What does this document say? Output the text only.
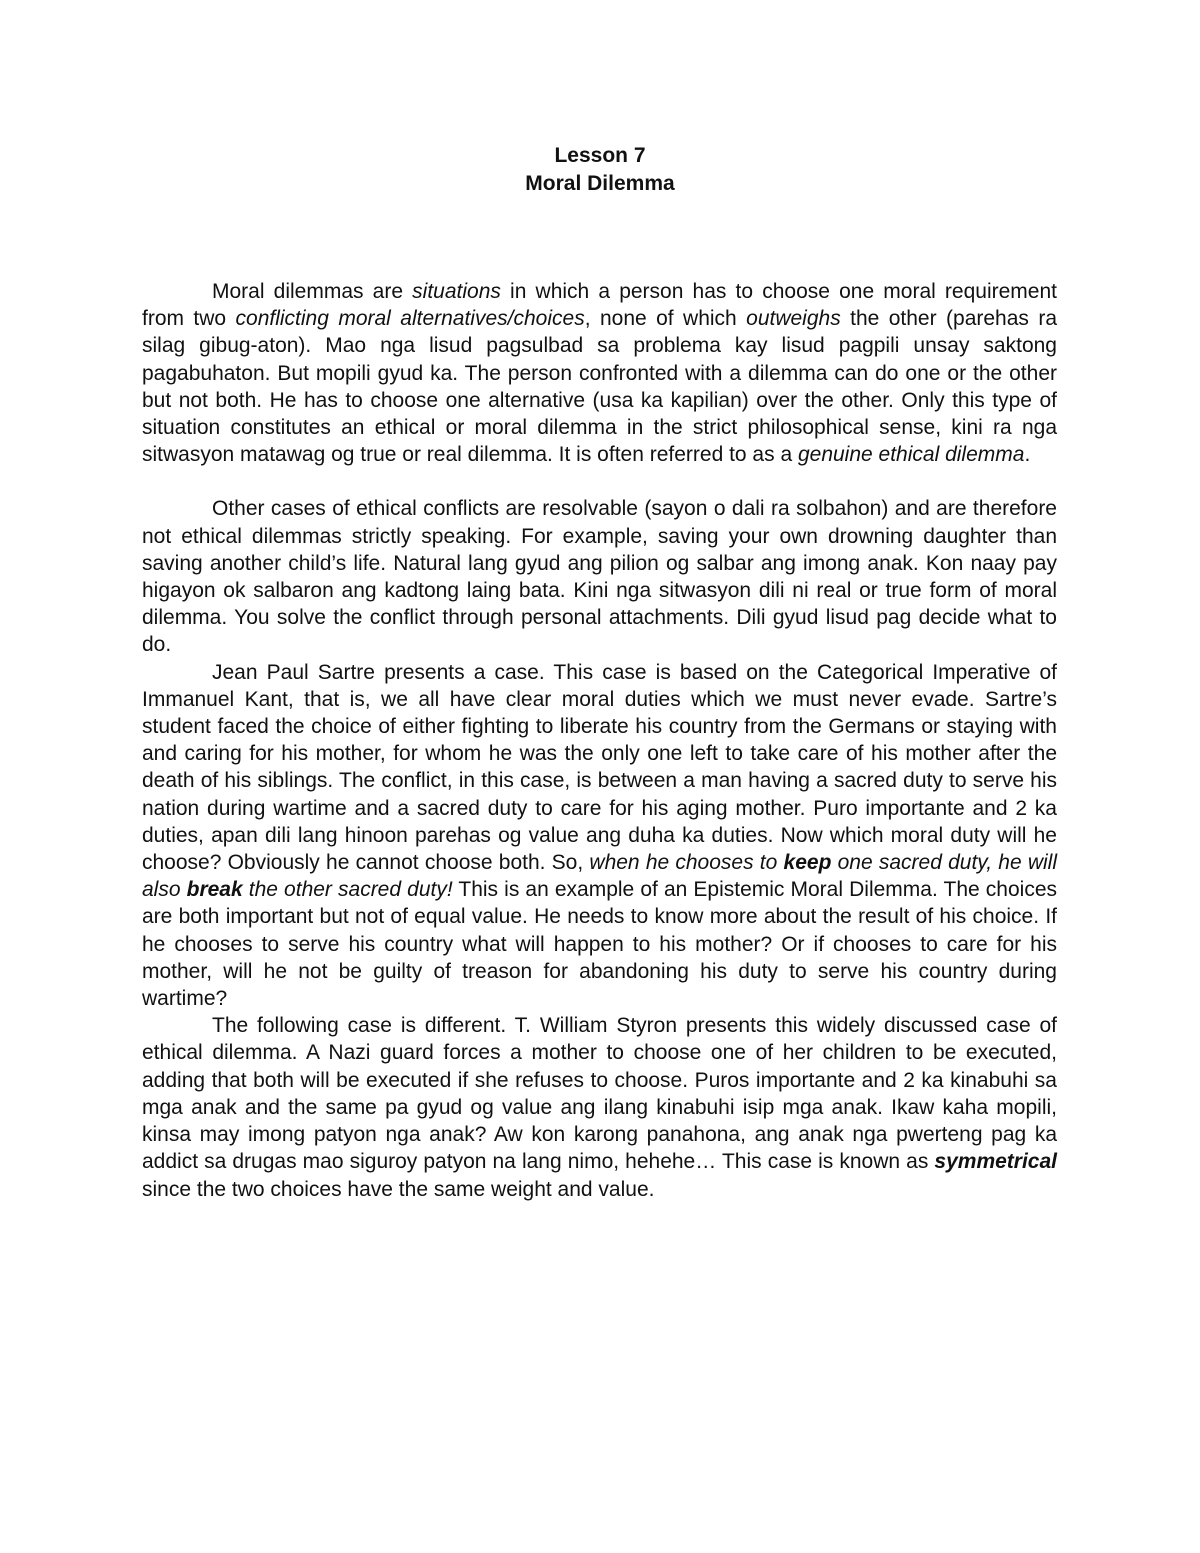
Lesson 7
Moral Dilemma

Moral dilemmas are situations in which a person has to choose one moral requirement from two conflicting moral alternatives/choices, none of which outweighs the other (parehas ra silag gibug-aton). Mao nga lisud pagsulbad sa problema kay lisud pagpili unsay saktong pagabuhaton. But mopili gyud ka. The person confronted with a dilemma can do one or the other but not both. He has to choose one alternative (usa ka kapilian) over the other. Only this type of situation constitutes an ethical or moral dilemma in the strict philosophical sense, kini ra nga sitwasyon matawag og true or real dilemma. It is often referred to as a genuine ethical dilemma.

Other cases of ethical conflicts are resolvable (sayon o dali ra solbahon) and are therefore not ethical dilemmas strictly speaking. For example, saving your own drowning daughter than saving another child’s life. Natural lang gyud ang pilion og salbar ang imong anak. Kon naay pay higayon ok salbaron ang kadtong laing bata. Kini nga sitwasyon dili ni real or true form of moral dilemma. You solve the conflict through personal attachments. Dili gyud lisud pag decide what to do.

Jean Paul Sartre presents a case. This case is based on the Categorical Imperative of Immanuel Kant, that is, we all have clear moral duties which we must never evade. Sartre’s student faced the choice of either fighting to liberate his country from the Germans or staying with and caring for his mother, for whom he was the only one left to take care of his mother after the death of his siblings. The conflict, in this case, is between a man having a sacred duty to serve his nation during wartime and a sacred duty to care for his aging mother. Puro importante and 2 ka duties, apan dili lang hinoon parehas og value ang duha ka duties. Now which moral duty will he choose? Obviously he cannot choose both. So, when he chooses to keep one sacred duty, he will also break the other sacred duty! This is an example of an Epistemic Moral Dilemma. The choices are both important but not of equal value. He needs to know more about the result of his choice. If he chooses to serve his country what will happen to his mother? Or if chooses to care for his mother, will he not be guilty of treason for abandoning his duty to serve his country during wartime?

The following case is different. T. William Styron presents this widely discussed case of ethical dilemma. A Nazi guard forces a mother to choose one of her children to be executed, adding that both will be executed if she refuses to choose. Puros importante and 2 ka kinabuhi sa mga anak and the same pa gyud og value ang ilang kinabuhi isip mga anak. Ikaw kaha mopili, kinsa may imong patyon nga anak? Aw kon karong panahona, ang anak nga pwerteng pag ka addict sa drugas mao siguroy patyon na lang nimo, hehehe… This case is known as symmetrical since the two choices have the same weight and value.
